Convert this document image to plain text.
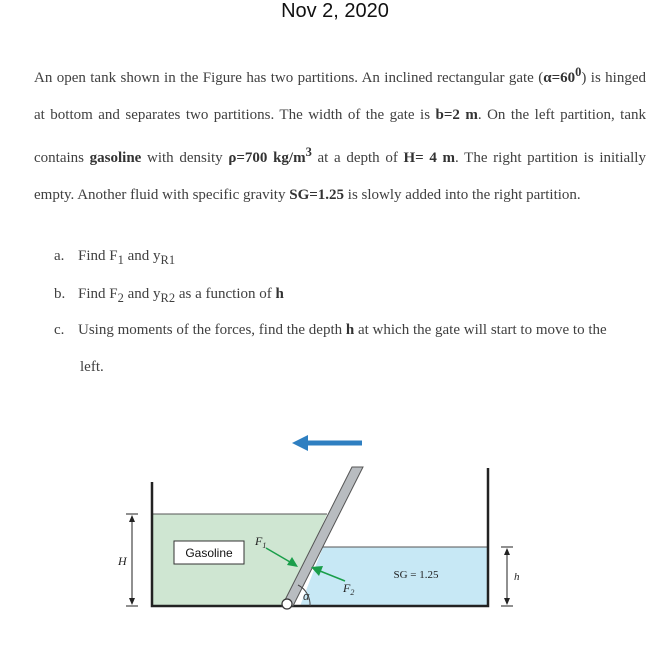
Nov 2, 2020
An open tank shown in the Figure has two partitions. An inclined rectangular gate $(\alpha=60^0)$ is hinged at bottom and separates two partitions. The width of the gate is b=2 m. On the left partition, tank contains gasoline with density ρ=700 $kg/m^3$ at a depth of H= 4 m. The right partition is initially empty. Another fluid with specific gravity SG=1.25 is slowly added into the right partition.
a. Find $F_1$ and $y_{R1}$
b. Find $F_2$ and $y_{R2}$ as a function of h
c. Using moments of the forces, find the depth h at which the gate will start to move to the
left.
α
$F_1$
$F_2$
Gasoline
SG = 1.25
H
h
